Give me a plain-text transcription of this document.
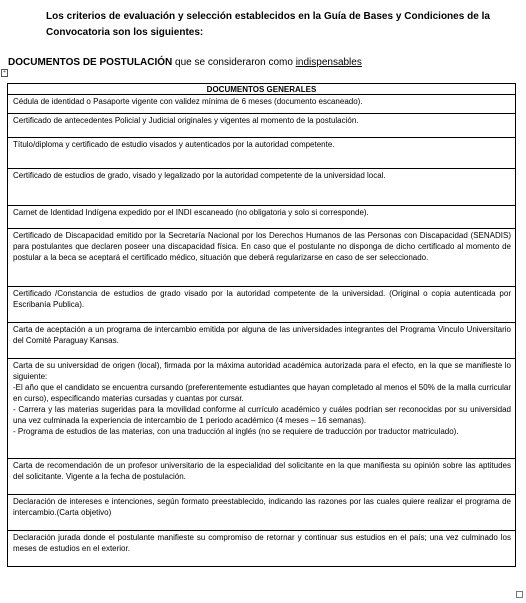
Los criterios de evaluación y selección establecidos en la Guía de Bases y Condiciones de la Convocatoria son los siguientes:
DOCUMENTOS DE POSTULACIÓN que se consideraron como indispensables
+
DOCUMENTOS GENERALES

Cédula de identidad o Pasaporte vigente con validez mínima de 6 meses (documento escaneado).

Certificado de antecedentes Policial y Judicial originales y vigentes al momento de la postulación.

Título/diploma y certificado de estudio visados y autenticados por la autoridad competente.

Certificado de estudios de grado, visado y legalizado por la autoridad competente de la universidad local.

Carnet de Identidad Indígena expedido por el INDI escaneado (no obligatoria y solo si corresponde).

Certificado de Discapacidad emitido por la Secretaría Nacional por los Derechos Humanos de las Personas con Discapacidad (SENADIS) para postulantes que declaren poseer una discapacidad física. En caso que el postulante no disponga de dicho certificado al momento de postular a la beca se aceptará el certificado médico, situación que deberá regularizarse en caso de ser seleccionado.

Certificado /Constancia de estudios de grado visado por la autoridad competente de la universidad. (Original o copia autenticada por Escribanía Publica).

Carta de aceptación a un programa de intercambio emitida por alguna de las universidades integrantes del Programa Vinculo Universitario del Comité Paraguay Kansas.

Carta de su universidad de origen (local), firmada por la máxima autoridad académica autorizada para el efecto, en la que se manifieste lo siguiente:
-El año que el candidato se encuentra cursando (preferentemente estudiantes que hayan completado al menos el 50% de la malla curricular en curso), especificando materias cursadas y cuantas por cursar.
- Carrera y las materias sugeridas para la movilidad conforme al currículo académico y cuáles podrían ser reconocidas por su universidad una vez culminada la experiencia de intercambio de 1 periodo académico (4 meses – 16 semanas).
- Programa de estudios de las materias, con una traducción al inglés (no se requiere de traducción por traductor matriculado).

Carta de recomendación de un profesor universitario de la especialidad del solicitante en la que manifiesta su opinión sobre las aptitudes del solicitante. Vigente a la fecha de postulación.

Declaración de intereses e intenciones, según formato preestablecido, indicando las razones por las cuales quiere realizar el programa de intercambio.(Carta objetivo)

Declaración jurada donde el postulante manifieste su compromiso de retornar y continuar sus estudios en el país; una vez culminado los meses de estudios en el exterior.
